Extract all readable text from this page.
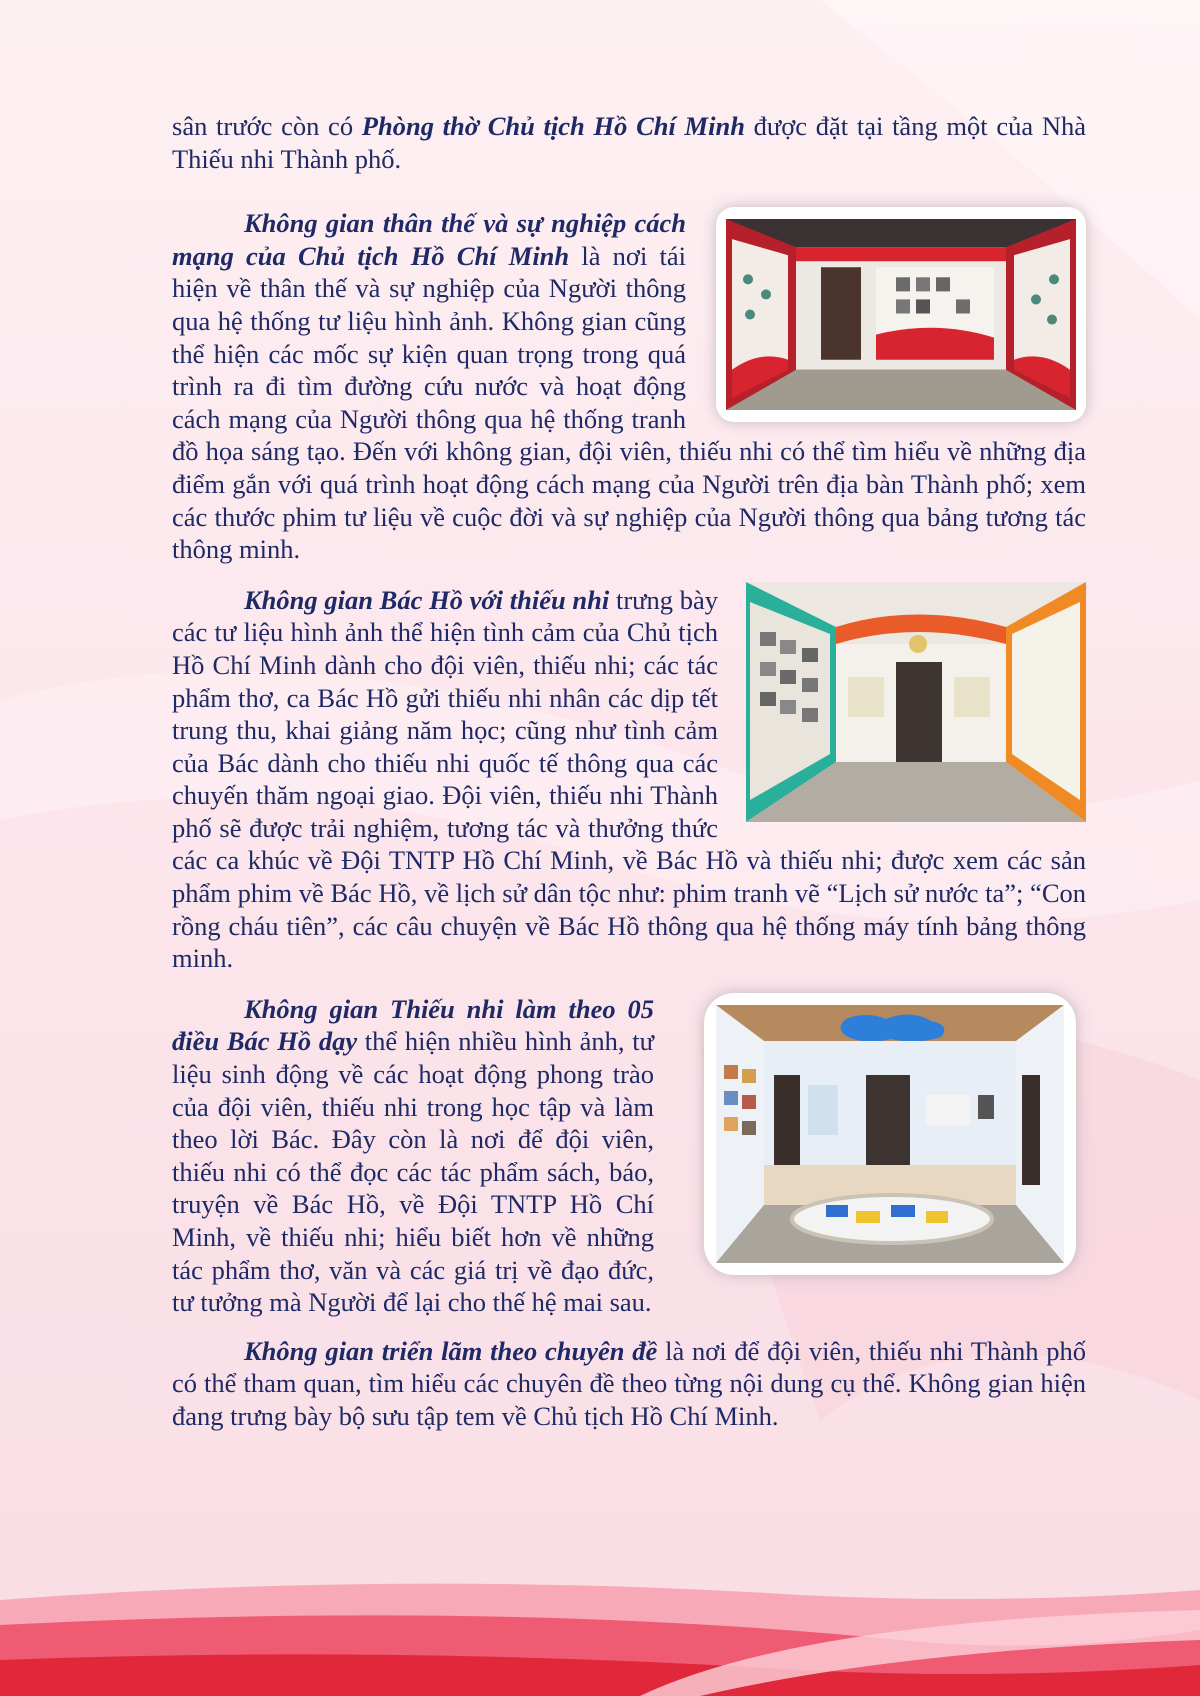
sân trước còn có Phòng thờ Chủ tịch Hồ Chí Minh được đặt tại tầng một của Nhà Thiếu nhi Thành phố.

Không gian thân thế và sự nghiệp cách mạng của Chủ tịch Hồ Chí Minh là nơi tái hiện về thân thế và sự nghiệp của Người thông qua hệ thống tư liệu hình ảnh. Không gian cũng thể hiện các mốc sự kiện quan trọng trong quá trình ra đi tìm đường cứu nước và hoạt động cách mạng của Người thông qua hệ thống tranh đồ họa sáng tạo. Đến với không gian, đội viên, thiếu nhi có thể tìm hiểu về những địa điểm gắn với quá trình hoạt động cách mạng của Người trên địa bàn Thành phố; xem các thước phim tư liệu về cuộc đời và sự nghiệp của Người thông qua bảng tương tác thông minh.

Không gian Bác Hồ với thiếu nhi trưng bày các tư liệu hình ảnh thể hiện tình cảm của Chủ tịch Hồ Chí Minh dành cho đội viên, thiếu nhi; các tác phẩm thơ, ca Bác Hồ gửi thiếu nhi nhân các dịp tết trung thu, khai giảng năm học; cũng như tình cảm của Bác dành cho thiếu nhi quốc tế thông qua các chuyến thăm ngoại giao. Đội viên, thiếu nhi Thành phố sẽ được trải nghiệm, tương tác và thưởng thức các ca khúc về Đội TNTP Hồ Chí Minh, về Bác Hồ và thiếu nhi; được xem các sản phẩm phim về Bác Hồ, về lịch sử dân tộc như: phim tranh vẽ “Lịch sử nước ta”; “Con rồng cháu tiên”, các câu chuyện về Bác Hồ thông qua hệ thống máy tính bảng thông minh.

Không gian Thiếu nhi làm theo 05 điều Bác Hồ dạy thể hiện nhiều hình ảnh, tư liệu sinh động về các hoạt động phong trào của đội viên, thiếu nhi trong học tập và làm theo lời Bác. Đây còn là nơi để đội viên, thiếu nhi có thể đọc các tác phẩm sách, báo, truyện về Bác Hồ, về Đội TNTP Hồ Chí Minh, về thiếu nhi; hiểu biết hơn về những tác phẩm thơ, văn và các giá trị về đạo đức, tư tưởng mà Người để lại cho thế hệ mai sau.

Không gian triển lãm theo chuyên đề là nơi để đội viên, thiếu nhi Thành phố có thể tham quan, tìm hiểu các chuyên đề theo từng nội dung cụ thể. Không gian hiện đang trưng bày bộ sưu tập tem về Chủ tịch Hồ Chí Minh.
